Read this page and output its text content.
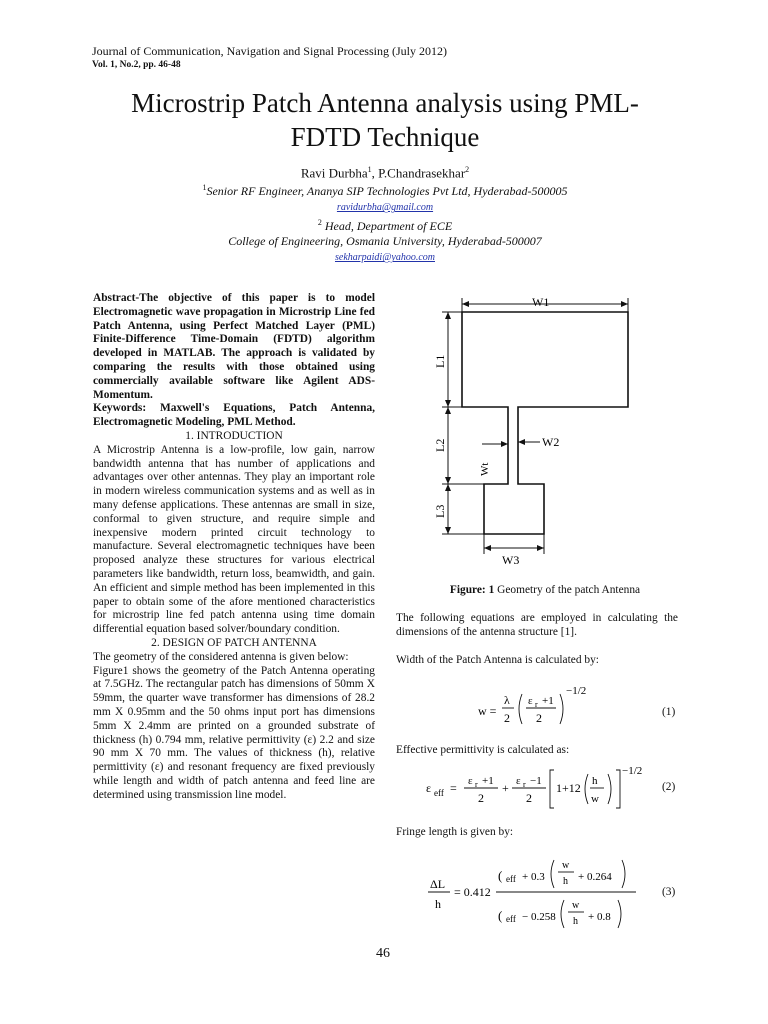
Journal of Communication, Navigation and Signal Processing (July 2012)
Vol. 1, No.2, pp. 46-48
Microstrip Patch Antenna analysis using PML-
FDTD Technique
Ravi Durbha$^1$, P.Chandrasekhar$^2$
$^1$Senior RF Engineer, Ananya SIP Technologies Pvt Ltd, Hyderabad-500005
ravidurbha@gmail.com
$^2$ Head, Department of ECE
College of Engineering, Osmania University, Hyderabad-500007
sekharpaidi@yahoo.com

Abstract-The objective of this paper is to model Electromagnetic wave propagation in Microstrip Line fed Patch Antenna, using Perfect Matched Layer (PML) Finite-Difference Time-Domain (FDTD) algorithm developed in MATLAB. The approach is validated by comparing the results with those obtained using commercially available software like Agilent ADS-Momentum.

Keywords: Maxwell's Equations, Patch Antenna, Electromagnetic Modeling, PML Method.

1. INTRODUCTION

A Microstrip Antenna is a low-profile, low gain, narrow bandwidth antenna that has number of applications and advantages over other antennas. They play an important role in modern wireless communication systems and as well as in many defense applications. These antennas are small in size, conformal to given structure, and require simple and inexpensive modern printed circuit technology to manufacture. Several electromagnetic techniques have been proposed analyze these structures for various electrical parameters like bandwidth, return loss, beamwidth, and gain. An efficient and simple method has been implemented in this paper to obtain some of the afore mentioned characteristics for microstrip line fed patch antenna using time domain differential equation based solver/boundary condition.

2. DESIGN OF PATCH ANTENNA

The geometry of the considered antenna is given below:

Figure1 shows the geometry of the Patch Antenna operating at 7.5GHz. The rectangular patch has dimensions of 50mm X 59mm, the quarter wave transformer has dimensions of 28.2 mm X 0.95mm and the 50 ohms input port has dimensions 5mm X 2.4mm are printed on a grounded substrate of thickness (h) 0.794 mm, relative permittivity (ε) 2.2 and size 90 mm X 70 mm. The values of thickness (h), relative permittivity (ε) and resonant frequency are fixed previously while length and width of patch antenna and feed line are determined using transmission line model.

W1
L1
L2
L3
Wt
W2
W3
Figure: 1 Geometry of the patch Antenna

The following equations are employed in calculating the dimensions of the antenna structure [1].

Width of the Patch Antenna is calculated by:

w =
λ
2
ε r +1
2
−1/2
(1)

Effective permittivity is calculated as:

ε eff = ε r +1
2
+ ε r −1
2
1+12 h
w
−1/2
(2)

Fringe length is given by:

ΔL
h
= 0.412
( eff + 0.3
w
h + 0.264
( eff − 0.258
w
h + 0.8
(3)
46
